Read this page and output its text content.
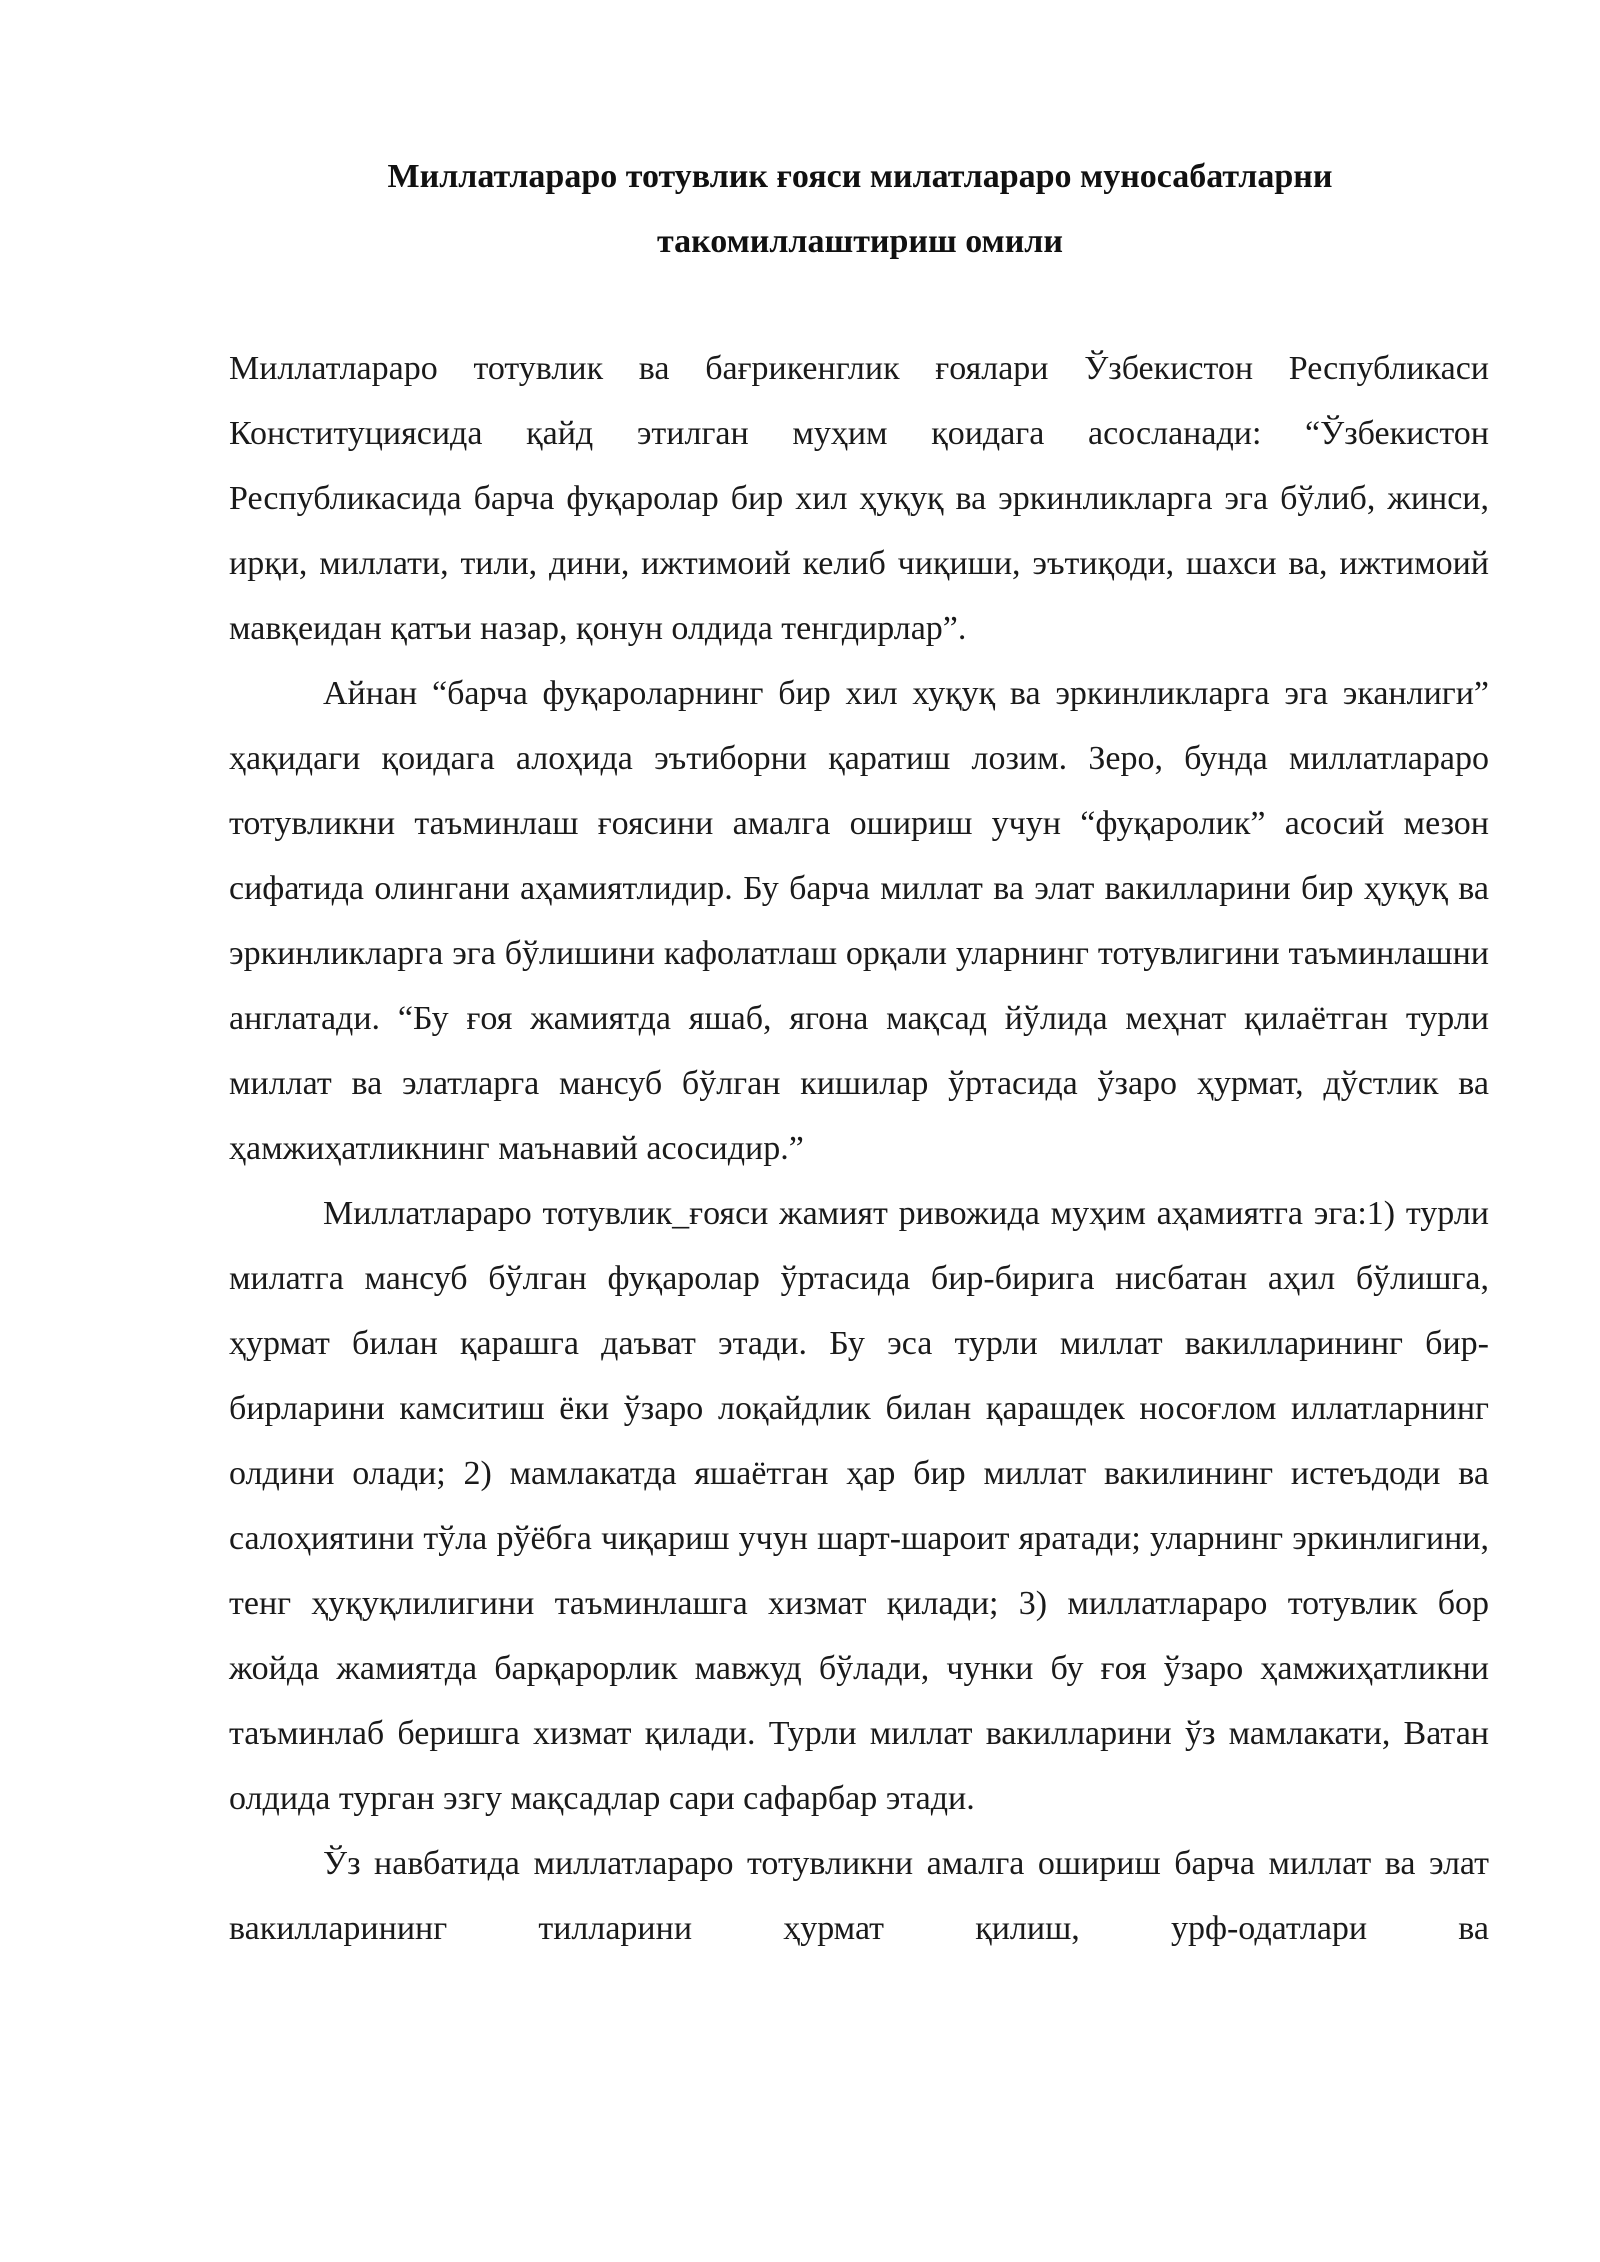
Миллатлараро тотувлик ғояси милатлараро муносабатларни
такомиллаштириш омили

Миллатлараро тотувлик ва бағрикенглик ғоялари Ўзбекистон Республикаси Конституциясида қайд этилган муҳим қоидага асосланади: “Ўзбекистон Республикасида барча фуқаролар бир хил ҳуқуқ ва эркинликларга эга бўлиб, жинси, ирқи, миллати, тили, дини, ижтимоий келиб чиқиши, эътиқоди, шахси ва, ижтимоий мавқеидан қатъи назар, қонун олдида тенгдирлар”.

Айнан “барча фуқароларнинг бир хил хуқуқ ва эркинликларга эга эканлиги” ҳақидаги қоидага алоҳида эътиборни қаратиш лозим. Зеро, бунда миллатлараро тотувликни таъминлаш ғоясини амалга ошириш учун “фуқаролик” асосий мезон сифатида олингани аҳамиятлидир. Бу барча миллат ва элат вакилларини бир ҳуқуқ ва эркинликларга эга бўлишини кафолатлаш орқали уларнинг тотувлигини таъминлашни англатади. “Бу ғоя жамиятда яшаб, ягона мақсад йўлида меҳнат қилаётган турли миллат ва элатларга мансуб бўлган кишилар ўртасида ўзаро ҳурмат, дўстлик ва ҳамжиҳатликнинг маънавий асосидир.”

Миллатлараро тотувлик_ғояси жамият ривожида муҳим аҳамиятга эга:1) турли милатга мансуб бўлган фуқаролар ўртасида бир-бирига нисбатан аҳил бўлишга, ҳурмат билан қарашга даъват этади. Бу эса турли миллат вакилларининг бир-бирларини камситиш ёки ўзаро лоқайдлик билан қарашдек носоғлом иллатларнинг олдини олади; 2) мамлакатда яшаётган ҳар бир миллат вакилининг истеъдоди ва салоҳиятини тўла рўёбга чиқариш учун шарт-шароит яратади; уларнинг эркинлигини, тенг ҳуқуқлилигини таъминлашга хизмат қилади; 3) миллатлараро тотувлик бор жойда жамиятда барқарорлик мавжуд бўлади, чунки бу ғоя ўзаро ҳамжиҳатликни таъминлаб беришга хизмат қилади. Турли миллат вакилларини ўз мамлакати, Ватан олдида турган эзгу мақсадлар сари сафарбар этади.

Ўз навбатида миллатлараро тотувликни амалга ошириш барча миллат ва элат вакилларининг тилларини ҳурмат қилиш, урф-одатлари ва
